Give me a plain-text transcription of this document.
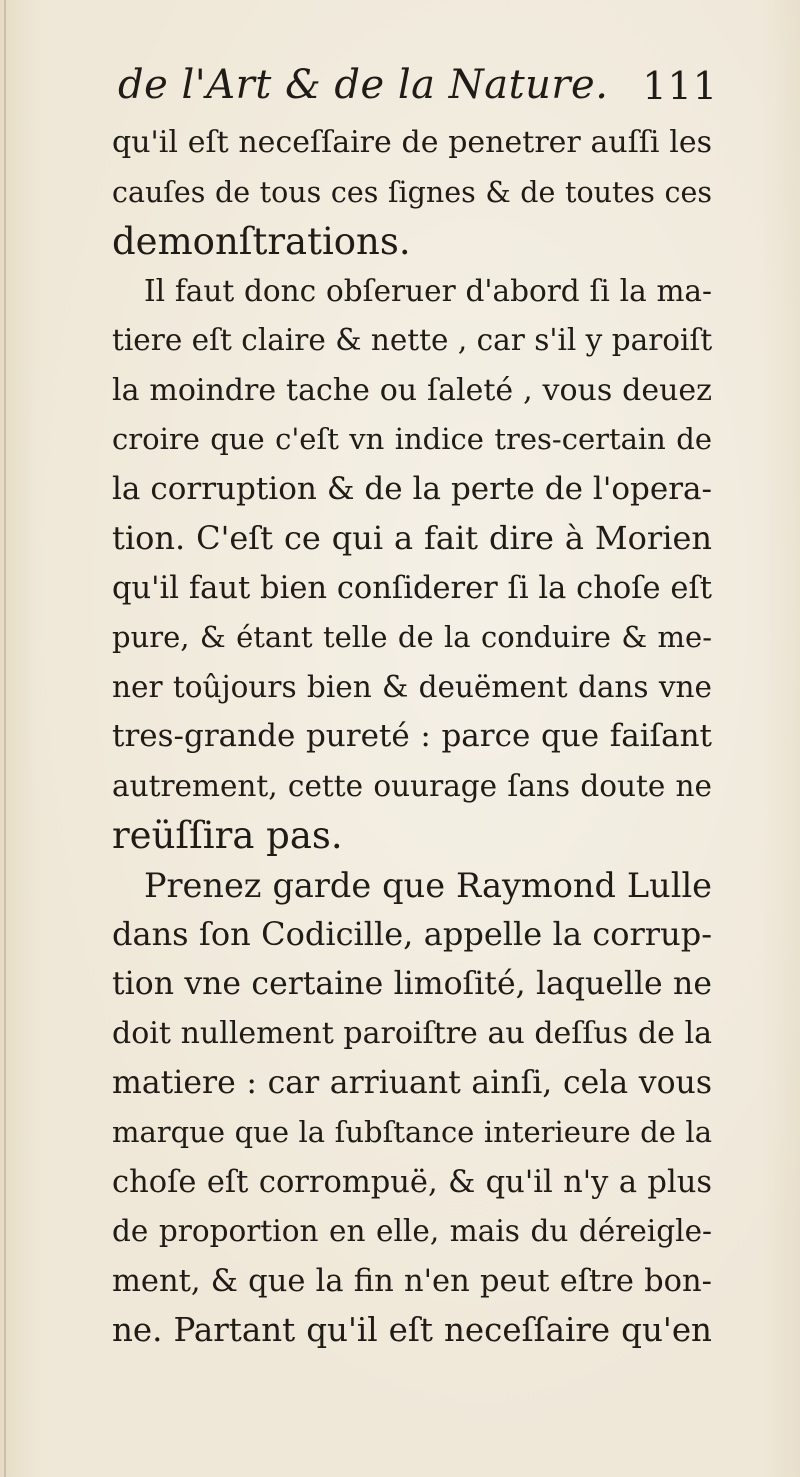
de l'Art & de la Nature. 111
qu'il eſt neceſſaire de penetrer auſſi les
cauſes de tous ces ſignes & de toutes ces
demonſtrations.
Il faut donc obſeruer d'abord ſi la ma-
tiere eſt claire & nette , car s'il y paroiſt
la moindre tache ou ſaleté , vous deuez
croire que c'eſt vn indice tres-certain de
la corruption & de la perte de l'opera-
tion. C'eſt ce qui a fait dire à Morien
qu'il faut bien conſiderer ſi la choſe eſt
pure, & étant telle de la conduire & me-
ner toûjours bien & deuëment dans vne
tres-grande pureté : parce que faiſant
autrement, cette ouurage ſans doute ne
reüſſira pas.
Prenez garde que Raymond Lulle
dans ſon Codicille, appelle la corrup-
tion vne certaine limoſité, laquelle ne
doit nullement paroiſtre au deſſus de la
matiere : car arriuant ainſi, cela vous
marque que la ſubſtance interieure de la
choſe eſt corrompuë, & qu'il n'y a plus
de proportion en elle, mais du déreigle-
ment, & que la fin n'en peut eſtre bon-
ne. Partant qu'il eſt neceſſaire qu'en
